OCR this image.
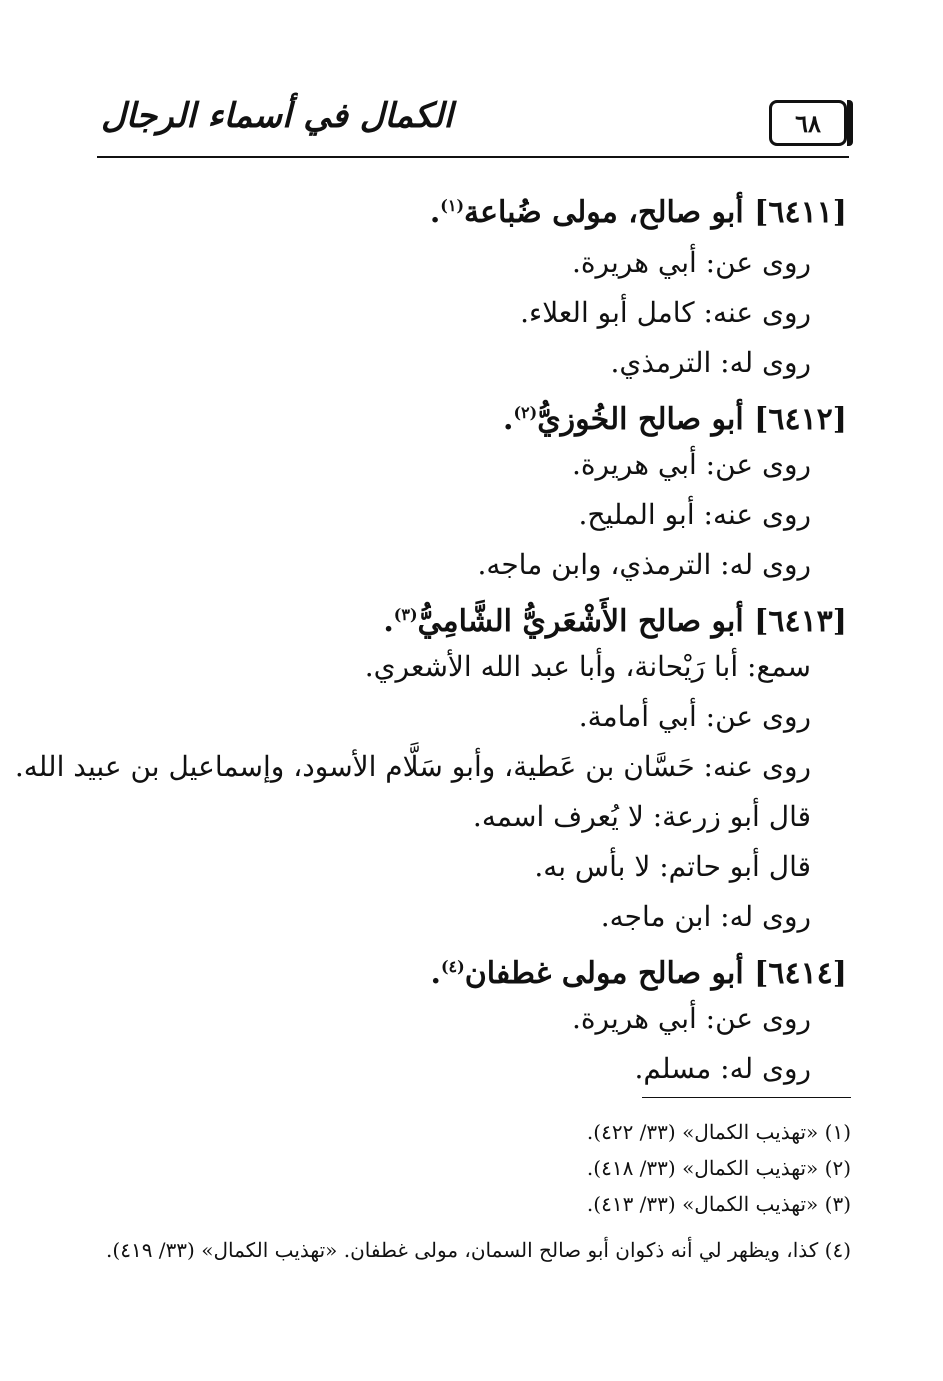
٦٨
الكمال في أسماء الرجال
[٦٤١١] أبو صالح، مولى ضُباعة$^{(١)}$.
روى عن: أبي هريرة.
روى عنه: كامل أبو العلاء.
روى له: الترمذي.
[٦٤١٢] أبو صالح الخُوزيُّ$^{(٢)}$.
روى عن: أبي هريرة.
روى عنه: أبو المليح.
روى له: الترمذي، وابن ماجه.
[٦٤١٣] أبو صالح الأَشْعَريُّ الشَّامِيُّ$^{(٣)}$.
سمع: أبا رَيْحانة، وأبا عبد الله الأشعري.
روى عن: أبي أمامة.
روى عنه: حَسَّان بن عَطية، وأبو سَلَّام الأسود، وإسماعيل بن عبيد الله.
قال أبو زرعة: لا يُعرف اسمه.
قال أبو حاتم: لا بأس به.
روى له: ابن ماجه.
[٦٤١٤] أبو صالح مولى غطفان$^{(٤)}$.
روى عن: أبي هريرة.
روى له: مسلم.
(١) «تهذيب الكمال» (٣٣/ ٤٢٢).
(٢) «تهذيب الكمال» (٣٣/ ٤١٨).
(٣) «تهذيب الكمال» (٣٣/ ٤١٣).
(٤) كذا، ويظهر لي أنه ذكوان أبو صالح السمان، مولى غطفان. «تهذيب الكمال» (٣٣/ ٤١٩).
